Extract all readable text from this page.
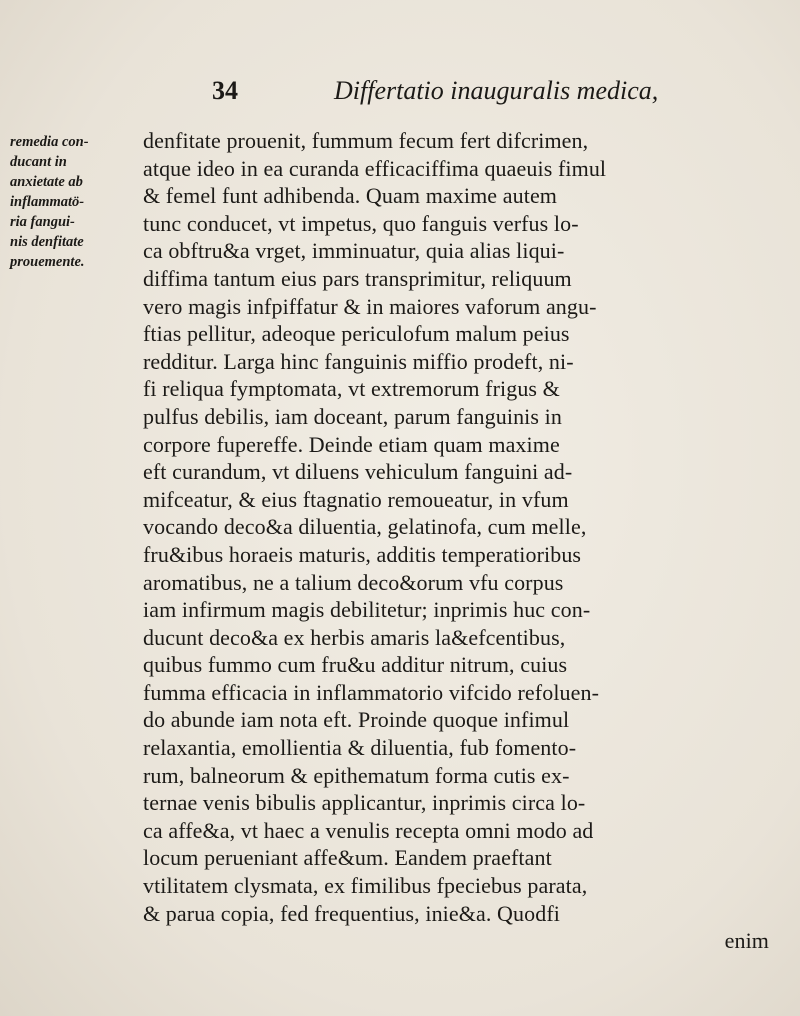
34	Differtatio inauguralis medica,
remedia con-
ducant in
anxietate ab
inflammatö-
ria fangui-
nis denfitate
prouemente.
denfitate prouenit, fummum fecum fert difcrimen,
atque ideo in ea curanda efficaciffima quaeuis fimul
& femel funt adhibenda. Quam maxime autem
tunc conducet, vt impetus, quo fanguis verfus lo-
ca obftru&a vrget, imminuatur, quia alias liqui-
diffima tantum eius pars transprimitur, reliquum
vero magis infpiffatur & in maiores vaforum angu-
ftias pellitur, adeoque periculofum malum peius
redditur. Larga hinc fanguinis miffio prodeft, ni-
fi reliqua fymptomata, vt extremorum frigus &
pulfus debilis, iam doceant, parum fanguinis in
corpore fupereffe. Deinde etiam quam maxime
eft curandum, vt diluens vehiculum fanguini ad-
mifceatur, & eius ftagnatio remoueatur, in vfum
vocando deco&a diluentia, gelatinofa, cum melle,
fru&ibus horaeis maturis, additis temperatioribus
aromatibus, ne a talium deco&orum vfu corpus
iam infirmum magis debilitetur; inprimis huc con-
ducunt deco&a ex herbis amaris la&efcentibus,
quibus fummo cum fru&u additur nitrum, cuius
fumma efficacia in inflammatorio vifcido refoluen-
do abunde iam nota eft. Proinde quoque infimul
relaxantia, emollientia & diluentia, fub fomento-
rum, balneorum & epithematum forma cutis ex-
ternae venis bibulis applicantur, inprimis circa lo-
ca affe&a, vt haec a venulis recepta omni modo ad
locum perueniant affe&um. Eandem praeftant
vtilitatem clysmata, ex fimilibus fpeciebus parata,
& parua copia, fed frequentius, inie&a. Quodfi
enim
